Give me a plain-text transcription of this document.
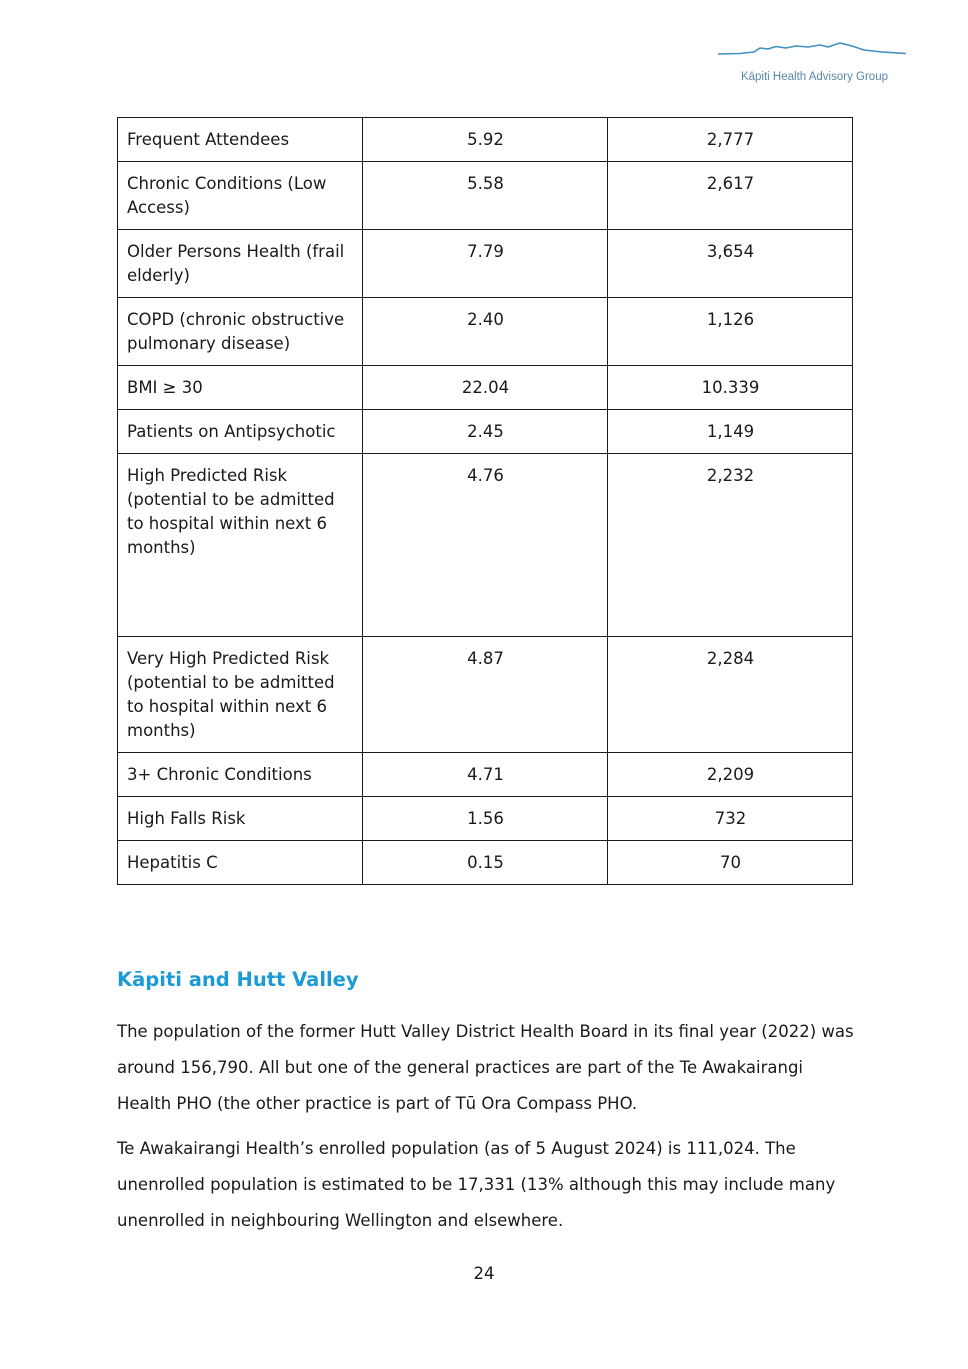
Kāpiti Health Advisory Group
Frequent Attendees	5.92	2,777
Chronic Conditions (Low Access)	5.58	2,617
Older Persons Health (frail elderly)	7.79	3,654
COPD (chronic obstructive pulmonary disease)	2.40	1,126
BMI ≥ 30	22.04	10.339
Patients on Antipsychotic	2.45	1,149
High Predicted Risk (potential to be admitted to hospital within next 6 months)	4.76	2,232
Very High Predicted Risk (potential to be admitted to hospital within next 6 months)	4.87	2,284
3+ Chronic Conditions	4.71	2,209
High Falls Risk	1.56	732
Hepatitis C	0.15	70
Kāpiti and Hutt Valley

The population of the former Hutt Valley District Health Board in its final year (2022) was around 156,790. All but one of the general practices are part of the Te Awakairangi Health PHO (the other practice is part of Tū Ora Compass PHO.

Te Awakairangi Health’s enrolled population (as of 5 August 2024) is 111,024. The unenrolled population is estimated to be 17,331 (13% although this may include many unenrolled in neighbouring Wellington and elsewhere.

24
